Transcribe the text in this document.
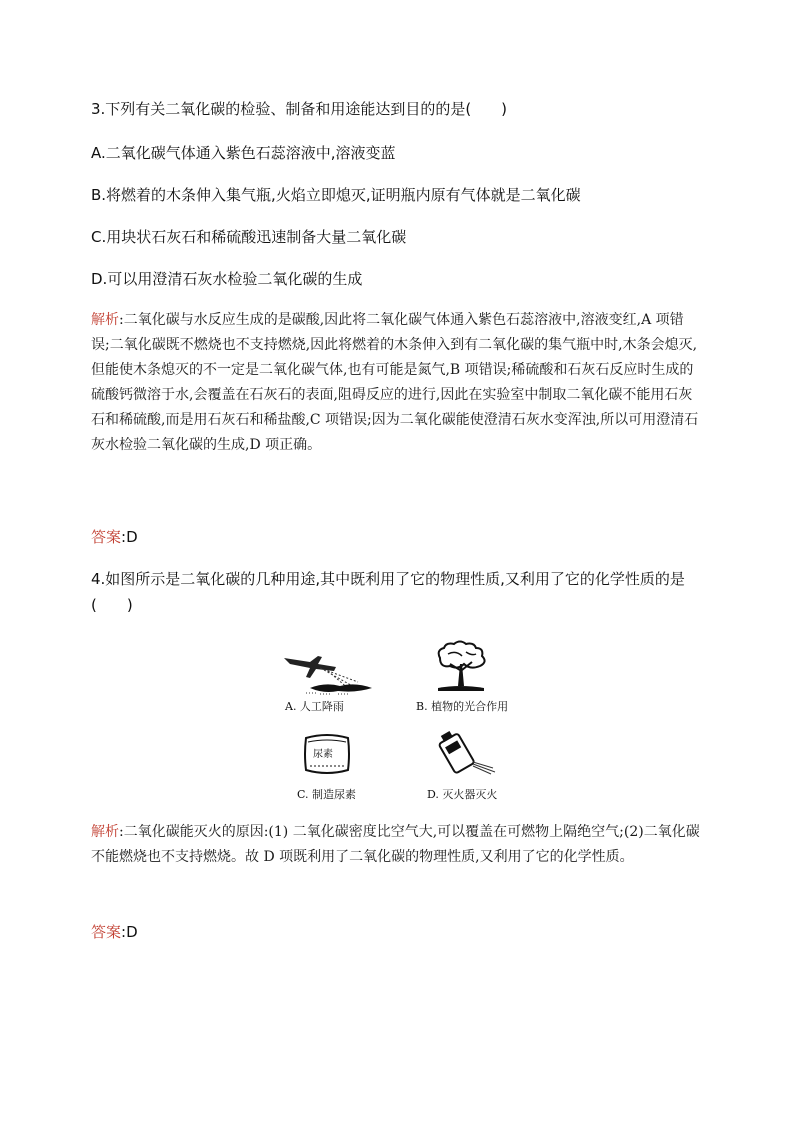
3.下列有关二氧化碳的检验、制备和用途能达到目的的是(　　)
A.二氧化碳气体通入紫色石蕊溶液中,溶液变蓝
B.将燃着的木条伸入集气瓶,火焰立即熄灭,证明瓶内原有气体就是二氧化碳
C.用块状石灰石和稀硫酸迅速制备大量二氧化碳
D.可以用澄清石灰水检验二氧化碳的生成
解析:二氧化碳与水反应生成的是碳酸,因此将二氧化碳气体通入紫色石蕊溶液中,溶液变红,A 项错误;二氧化碳既不燃烧也不支持燃烧,因此将燃着的木条伸入到有二氧化碳的集气瓶中时,木条会熄灭,但能使木条熄灭的不一定是二氧化碳气体,也有可能是氮气,B 项错误;稀硫酸和石灰石反应时生成的硫酸钙微溶于水,会覆盖在石灰石的表面,阻碍反应的进行,因此在实验室中制取二氧化碳不能用石灰石和稀硫酸,而是用石灰石和稀盐酸,C 项错误;因为二氧化碳能使澄清石灰水变浑浊,所以可用澄清石灰水检验二氧化碳的生成,D 项正确。
答案:D
4.如图所示是二氧化碳的几种用途,其中既利用了它的物理性质,又利用了它的化学性质的是(　　)
A. 人工降雨	B. 植物的光合作用
尿素
C. 制造尿素	D. 灭火器灭火
解析:二氧化碳能灭火的原因:(1) 二氧化碳密度比空气大,可以覆盖在可燃物上隔绝空气;(2)二氧化碳不能燃烧也不支持燃烧。故 D 项既利用了二氧化碳的物理性质,又利用了它的化学性质。
答案:D
